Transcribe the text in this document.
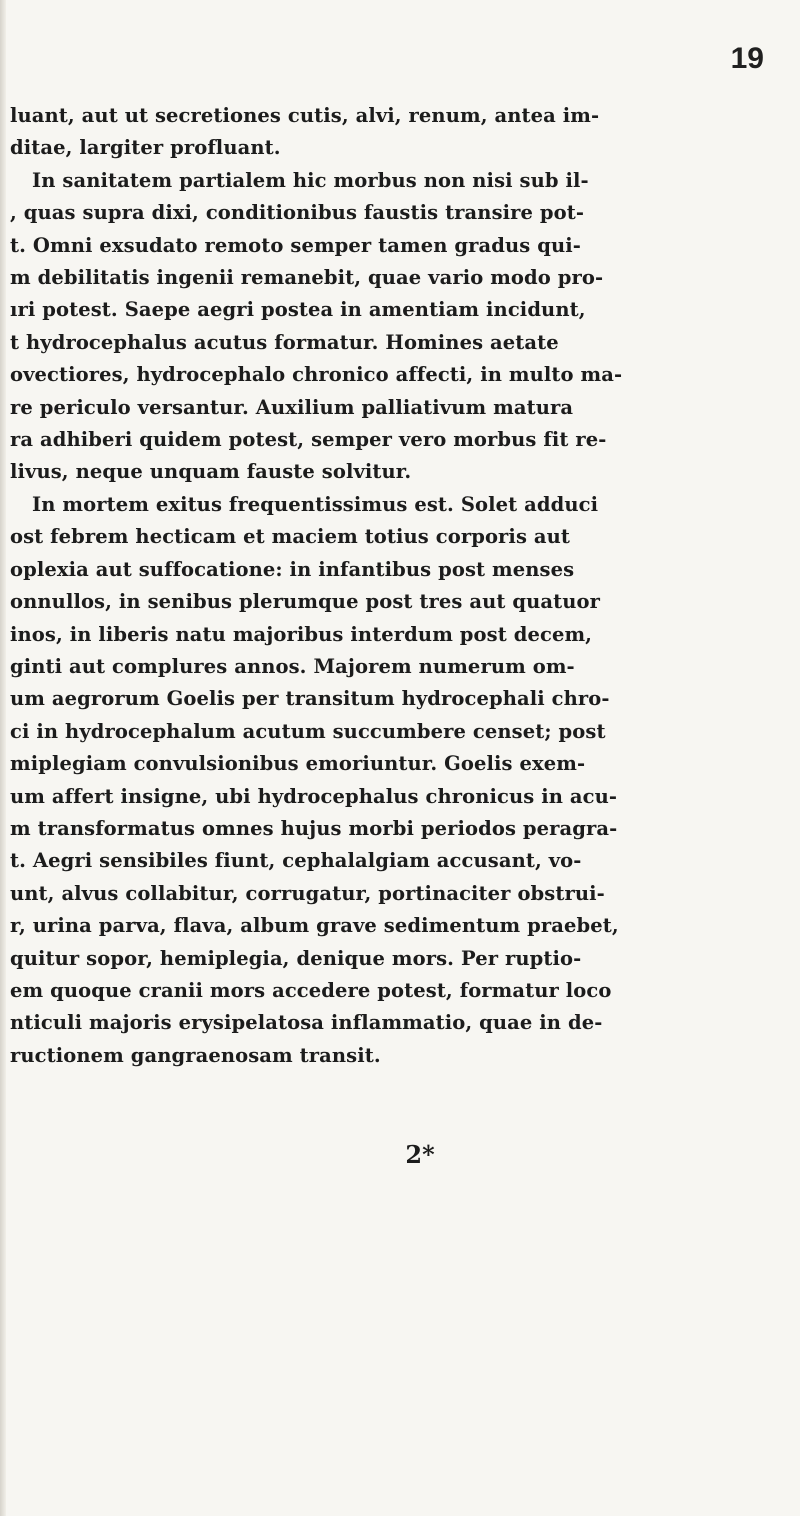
19
luant, aut ut secretiones cutis, alvi, renum, antea im-
ditae, largiter profluant.
In sanitatem partialem hic morbus non nisi sub il-
, quas supra dixi, conditionibus faustis transire pot-
t. Omni exsudato remoto semper tamen gradus qui-
m debilitatis ingenii remanebit, quae vario modo pro-
ıri potest. Saepe aegri postea in amentiam incidunt,
t hydrocephalus acutus formatur. Homines aetate
ovectiores, hydrocephalo chronico affecti, in multo ma-
re periculo versantur. Auxilium palliativum matura
ra adhiberi quidem potest, semper vero morbus fit re-
livus, neque unquam fauste solvitur.
In mortem exitus frequentissimus est. Solet adduci
ost febrem hecticam et maciem totius corporis aut
oplexia aut suffocatione: in infantibus post menses
onnullos, in senibus plerumque post tres aut quatuor
inos, in liberis natu majoribus interdum post decem,
ginti aut complures annos. Majorem numerum om-
um aegrorum Goelis per transitum hydrocephali chro-
ci in hydrocephalum acutum succumbere censet; post
miplegiam convulsionibus emoriuntur. Goelis exem-
um affert insigne, ubi hydrocephalus chronicus in acu-
m transformatus omnes hujus morbi periodos peragra-
t. Aegri sensibiles fiunt, cephalalgiam accusant, vo-
unt, alvus collabitur, corrugatur, portinaciter obstrui-
r, urina parva, flava, album grave sedimentum praebet,
quitur sopor, hemiplegia, denique mors. Per ruptio-
em quoque cranii mors accedere potest, formatur loco
nticuli majoris erysipelatosa inflammatio, quae in de-
ructionem gangraenosam transit.
2*
